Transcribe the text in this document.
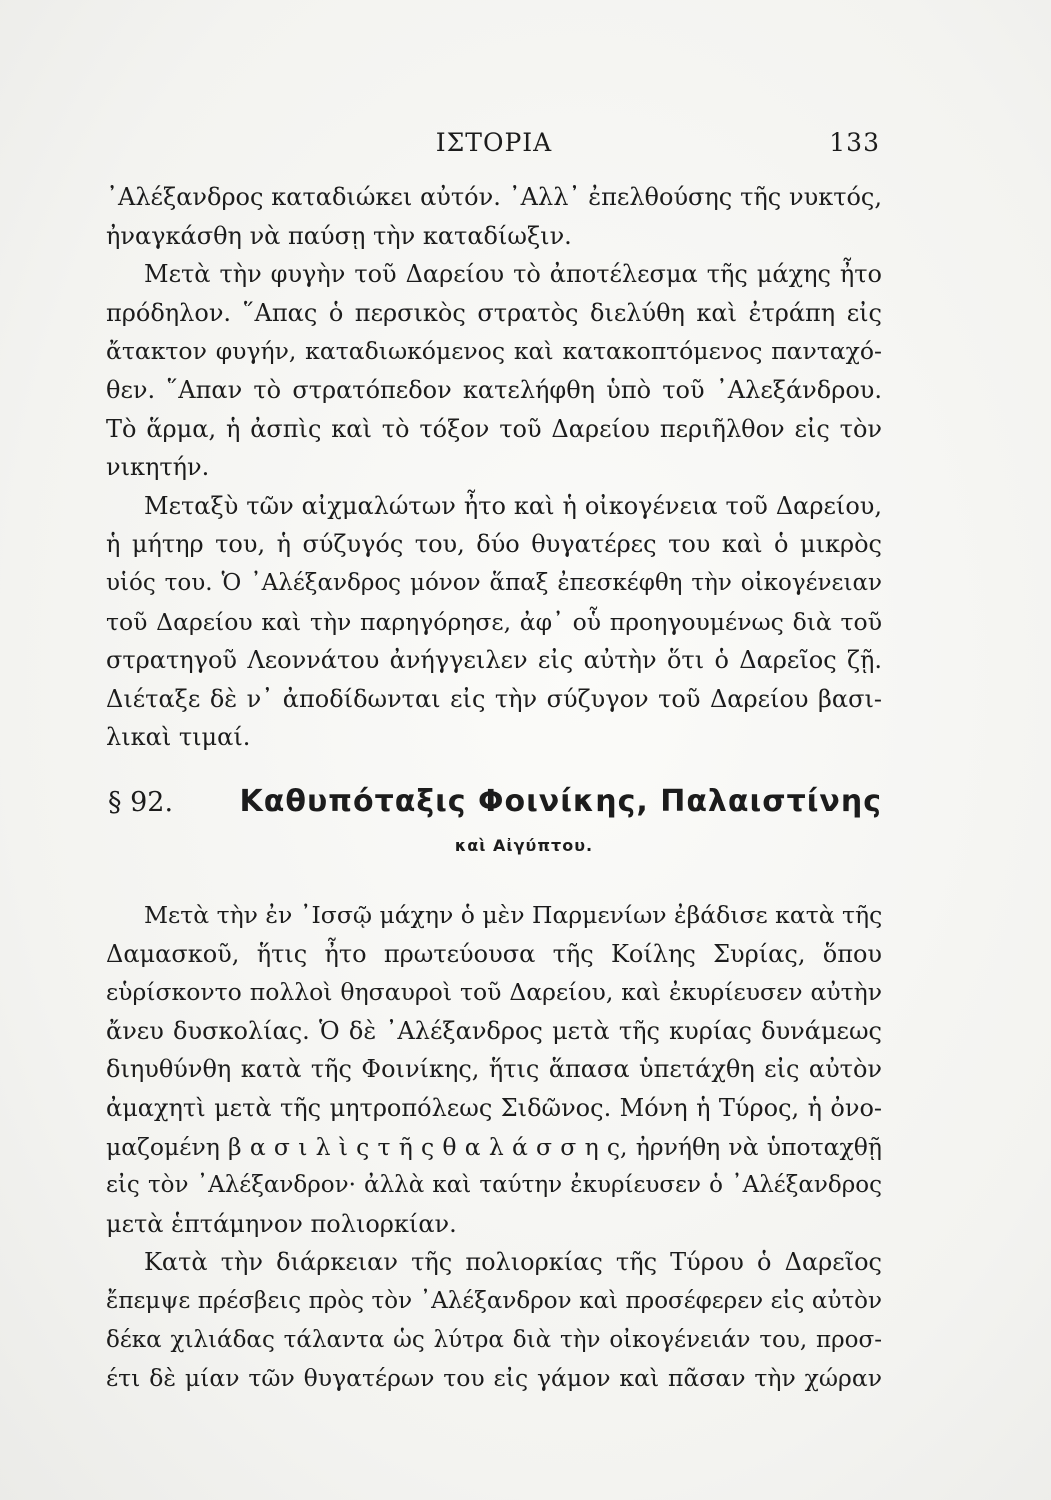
ΙΣΤΟΡΙΑ	133
᾿Αλέξανδρος καταδιώκει αὐτόν. ᾿Αλλ᾿ ἐπελθούσης τῆς νυκτός,
ἠναγκάσθη νὰ παύσῃ τὴν καταδίωξιν.
Μετὰ τὴν φυγὴν τοῦ Δαρείου τὸ ἀποτέλεσμα τῆς μάχης ἦτο
πρόδηλον. ῞Απας ὁ περσικὸς στρατὸς διελύθη καὶ ἐτράπη εἰς
ἄτακτον φυγήν, καταδιωκόμενος καὶ κατακοπτόμενος πανταχό-
θεν. ῞Απαν τὸ στρατόπεδον κατελήφθη ὑπὸ τοῦ ᾿Αλεξάνδρου.
Τὸ ἅρμα, ἡ ἀσπὶς καὶ τὸ τόξον τοῦ Δαρείου περιῆλθον εἰς τὸν
νικητήν.
Μεταξὺ τῶν αἰχμαλώτων ἦτο καὶ ἡ οἰκογένεια τοῦ Δαρείου,
ἡ μήτηρ του, ἡ σύζυγός του, δύο θυγατέρες του καὶ ὁ μικρὸς
υἱός του. Ὁ ᾿Αλέξανδρος μόνον ἅπαξ ἐπεσκέφθη τὴν οἰκογένειαν
τοῦ Δαρείου καὶ τὴν παρηγόρησε, ἀφ᾿ οὗ προηγουμένως διὰ τοῦ
στρατηγοῦ Λεοννάτου ἀνήγγειλεν εἰς αὐτὴν ὅτι ὁ Δαρεῖος ζῇ.
Διέταξε δὲ ν᾿ ἀποδίδωνται εἰς τὴν σύζυγον τοῦ Δαρείου βασι-
λικαὶ τιμαί.
§ 92. Καθυπόταξις Φοινίκης, Παλαιστίνης
καὶ Αἰγύπτου.
Μετὰ τὴν ἐν ᾿Ισσῷ μάχην ὁ μὲν Παρμενίων ἐβάδισε κατὰ τῆς
Δαμασκοῦ, ἥτις ἦτο πρωτεύουσα τῆς Κοίλης Συρίας, ὅπου
εὑρίσκοντο πολλοὶ θησαυροὶ τοῦ Δαρείου, καὶ ἐκυρίευσεν αὐτὴν
ἄνευ δυσκολίας. Ὁ δὲ ᾿Αλέξανδρος μετὰ τῆς κυρίας δυνάμεως
διηυθύνθη κατὰ τῆς Φοινίκης, ἥτις ἅπασα ὑπετάχθη εἰς αὐτὸν
ἀμαχητὶ μετὰ τῆς μητροπόλεως Σιδῶνος. Μόνη ἡ Τύρος, ἡ ὀνο-
μαζομένη β α σ ι λ ὶ ς τ ῆ ς θ α λ ά σ σ η ς, ἠρνήθη νὰ ὑποταχθῇ
εἰς τὸν ᾿Αλέξανδρον· ἀλλὰ καὶ ταύτην ἐκυρίευσεν ὁ ᾿Αλέξανδρος
μετὰ ἑπτάμηνον πολιορκίαν.
Κατὰ τὴν διάρκειαν τῆς πολιορκίας τῆς Τύρου ὁ Δαρεῖος
ἔπεμψε πρέσβεις πρὸς τὸν ᾿Αλέξανδρον καὶ προσέφερεν εἰς αὐτὸν
δέκα χιλιάδας τάλαντα ὡς λύτρα διὰ τὴν οἰκογένειάν του, προσ-
έτι δὲ μίαν τῶν θυγατέρων του εἰς γάμον καὶ πᾶσαν τὴν χώραν
